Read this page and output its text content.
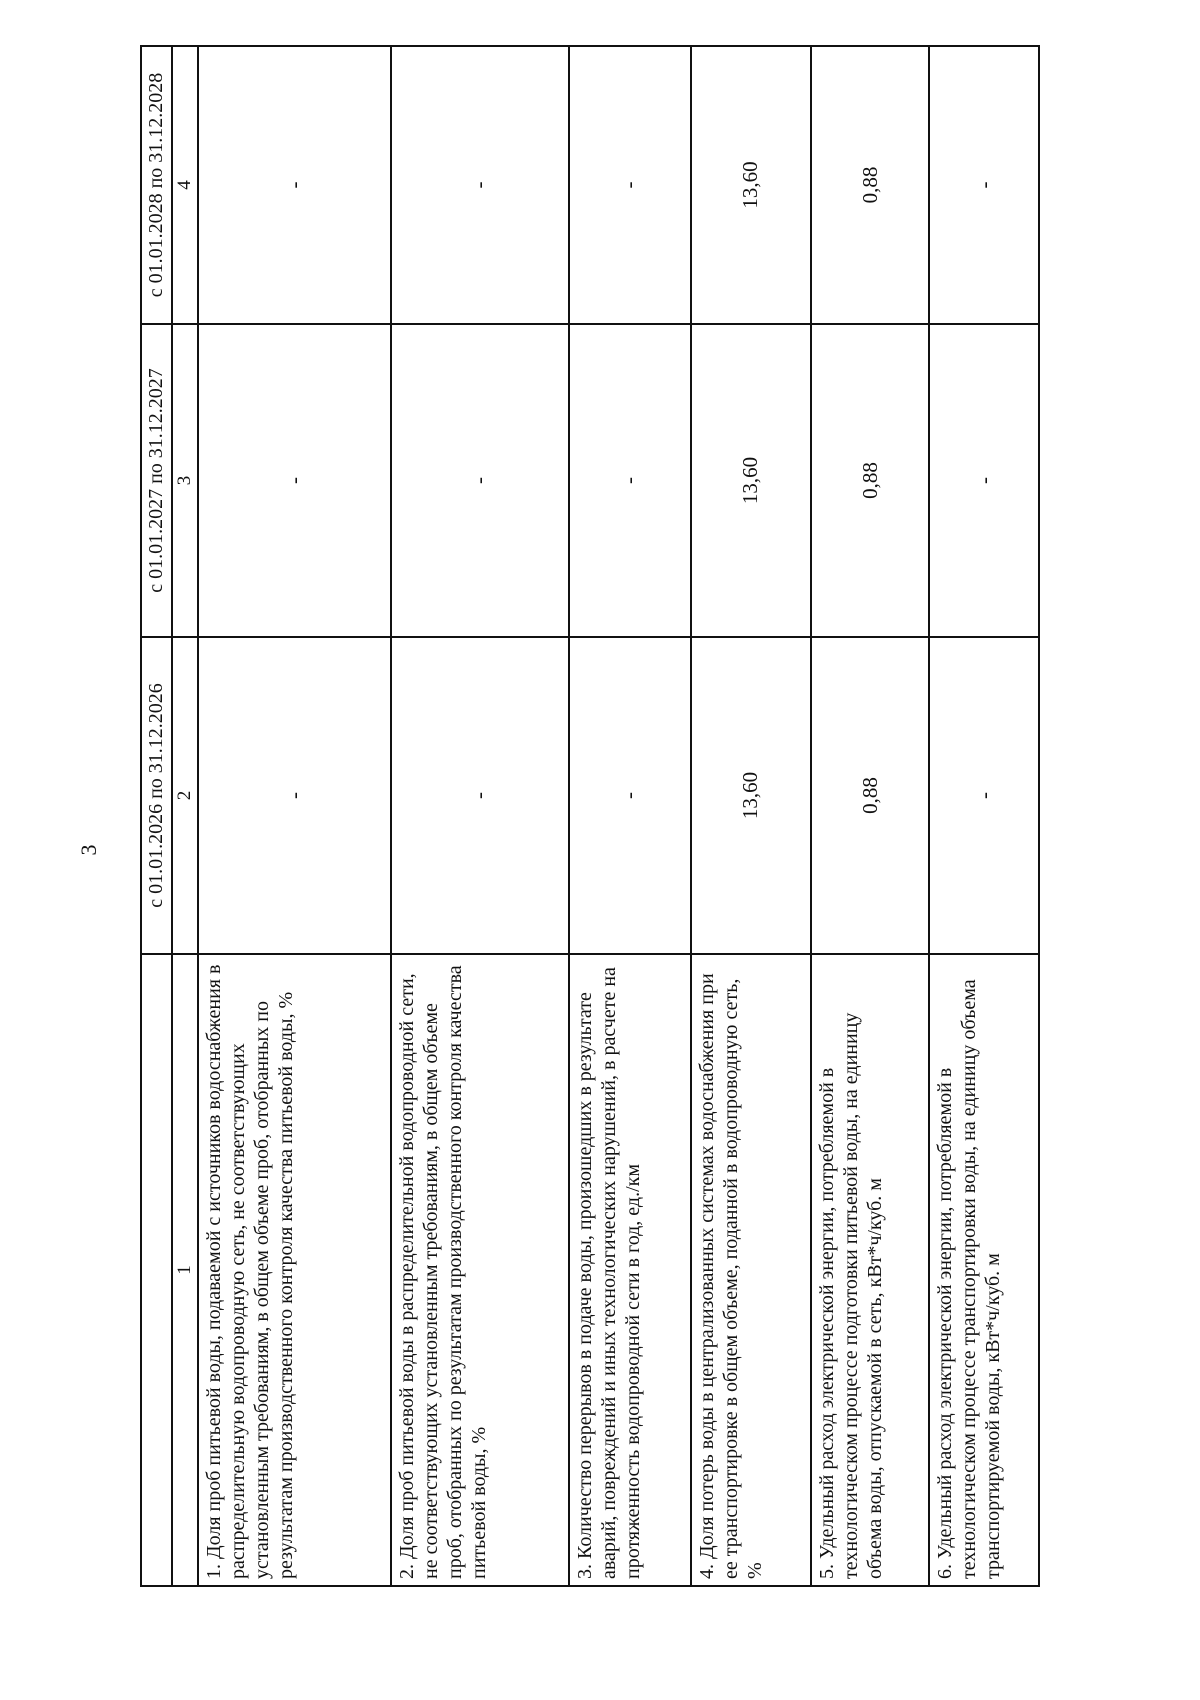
3
	с 01.01.2026 по 31.12.2026	с 01.01.2027 по 31.12.2027	с 01.01.2028 по 31.12.2028
1	2	3	4
1. Доля проб питьевой воды, подаваемой с источников водоснабжения в распределительную водопроводную сеть, не соответствующих установленным требованиям, в общем объеме проб, отобранных по результатам производственного контроля качества питьевой воды, %	-	-	-
2. Доля проб питьевой воды в распределительной водопроводной сети, не соответствующих установленным требованиям, в общем объеме проб, отобранных по результатам производственного контроля качества питьевой воды, %	-	-	-
3. Количество перерывов в подаче воды, произошедших в результате аварий, повреждений и иных технологических нарушений, в расчете на протяженность водопроводной сети в год, ед./км	-	-	-
4. Доля потерь воды в централизованных системах водоснабжения при ее транспортировке в общем объеме, поданной в водопроводную сеть, %	13,60	13,60	13,60
5. Удельный расход электрической энергии, потребляемой в технологическом процессе подготовки питьевой воды, на единицу объема воды, отпускаемой в сеть, кВт*ч/куб. м	0,88	0,88	0,88
6. Удельный расход электрической энергии, потребляемой в технологическом процессе транспортировки воды, на единицу объема транспортируемой воды, кВт*ч/куб. м	-	-	-
